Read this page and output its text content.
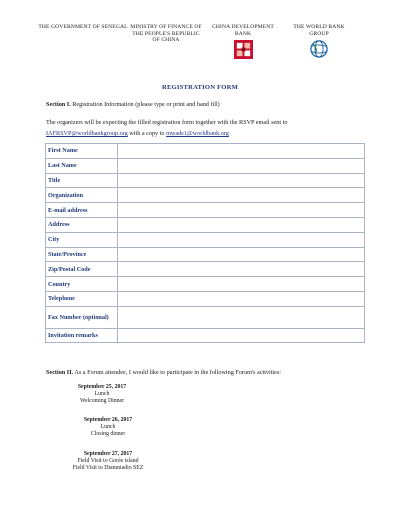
THE GOVERNMENT OF SENEGAL MINISTRY OF FINANCE OF THE PEOPLE'S REPUBLIC OF CHINA
CHINA DEVELOPMENT BANK
THE WORLD BANK GROUP
REGISTRATION FORM
Section I. Registration Information (please type or print and hand fill)
The organizers will be expecting the filled registration form together with the RSVP email sent to
IAFRSVP@worldbankgroup.org with a copy to mwade1@worldbank.org
First Name	
Last Name	
Title	
Organization	
E-mail address	
Address	
City	
State/Province	
Zip/Postal Code	
Country	
Telephone	
Fax Number (optional)	
Invitation remarks	
Section II. As a Forum attendee, I would like to participate in the following Forum's activities:
September 25, 2017
Lunch
Welcoming Dinner
September 26, 2017
Lunch
Closing dinner
September 27, 2017
Field Visit to Gorée island
Field Visit to Diamniadio SEZ
